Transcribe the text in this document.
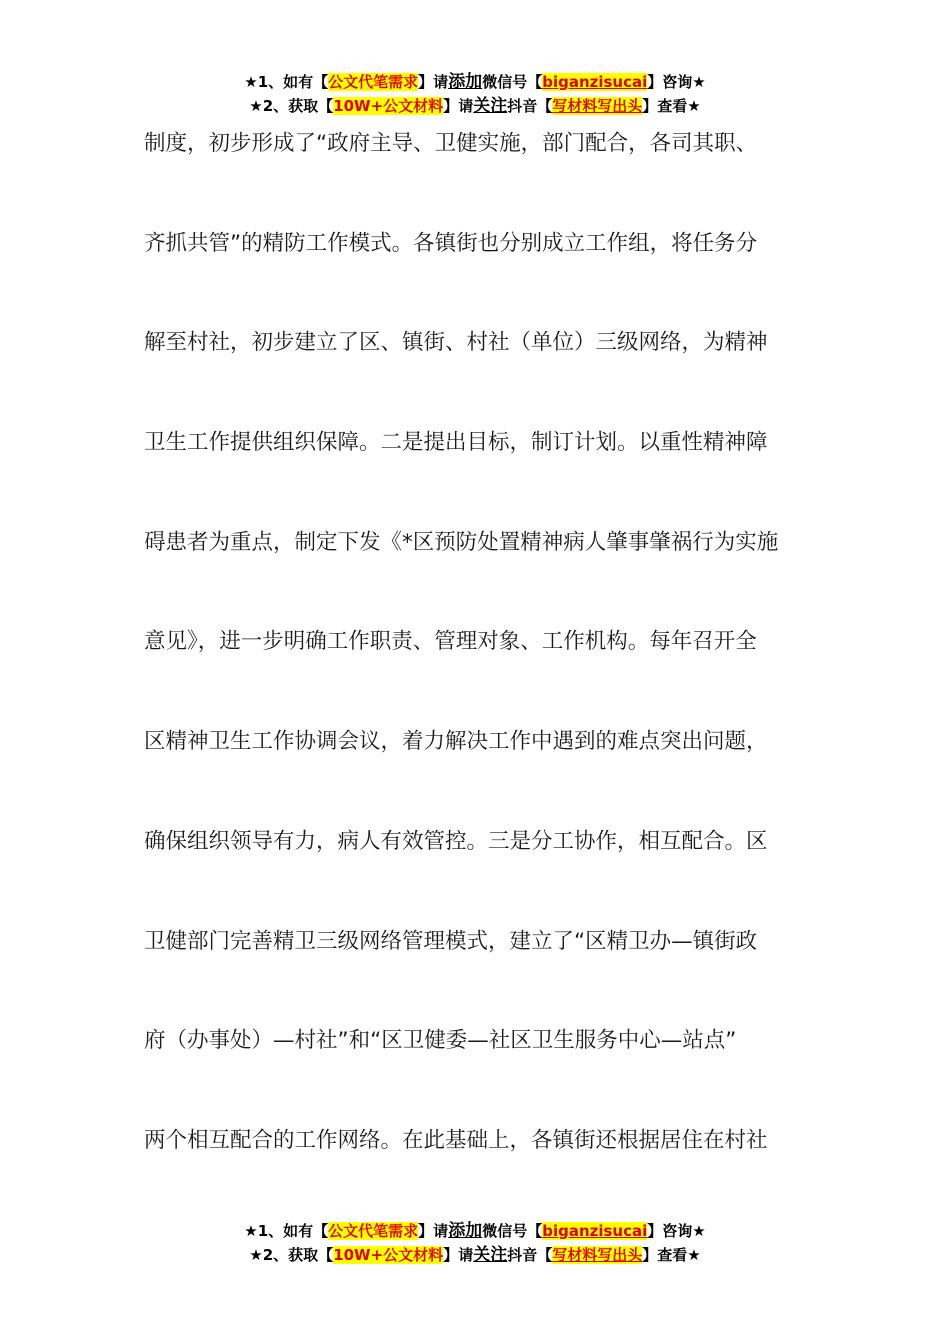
★1、如有【公文代笔需求】请添加微信号【biganzisucai】咨询★
★2、获取【10W+公文材料】请关注抖音【写材料写出头】查看★
制度，初步形成了“政府主导、卫健实施，部门配合，各司其职、
齐抓共管”的精防工作模式。各镇街也分别成立工作组，将任务分
解至村社，初步建立了区、镇街、村社（单位）三级网络，为精神
卫生工作提供组织保障。二是提出目标，制订计划。以重性精神障
碍患者为重点，制定下发《*区预防处置精神病人肇事肇祸行为实施
意见》，进一步明确工作职责、管理对象、工作机构。每年召开全
区精神卫生工作协调会议，着力解决工作中遇到的难点突出问题，
确保组织领导有力，病人有效管控。三是分工协作，相互配合。区
卫健部门完善精卫三级网络管理模式，建立了“区精卫办—镇街政
府（办事处）—村社”和“区卫健委—社区卫生服务中心—站点”
两个相互配合的工作网络。在此基础上，各镇街还根据居住在村社
★1、如有【公文代笔需求】请添加微信号【biganzisucai】咨询★
★2、获取【10W+公文材料】请关注抖音【写材料写出头】查看★
